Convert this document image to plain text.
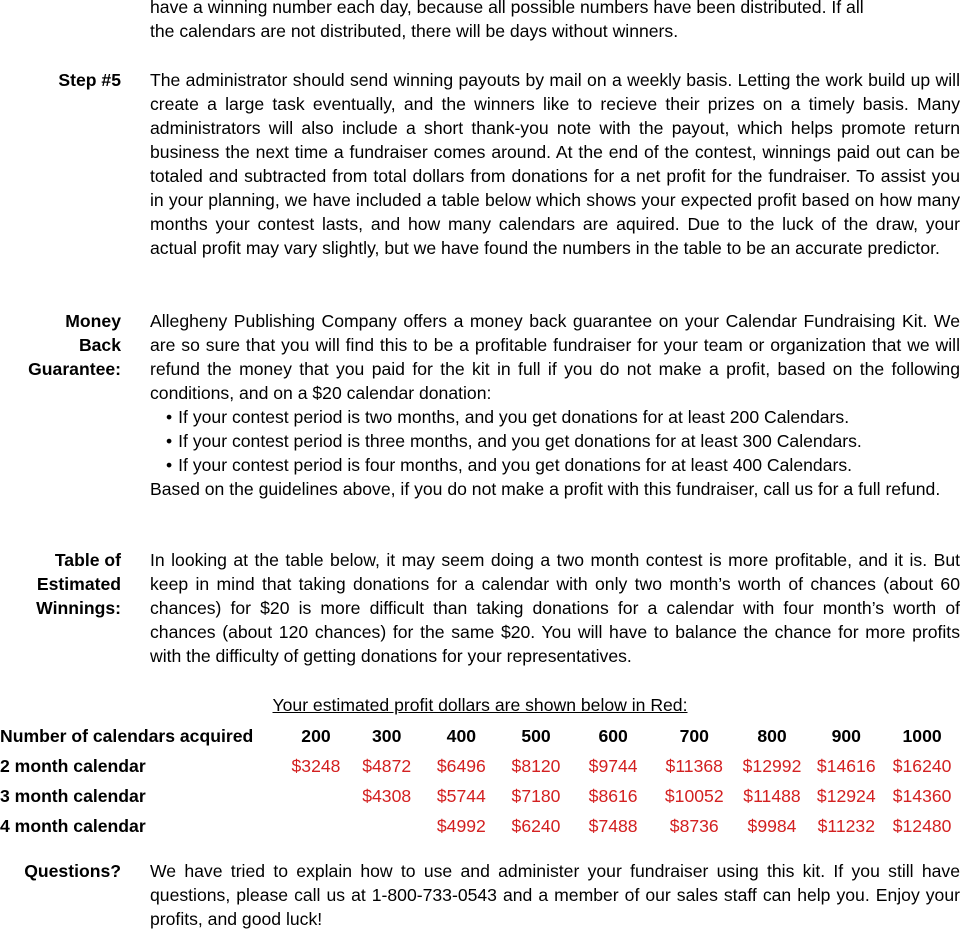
have a winning number each day, because all possible numbers have been distributed. If all
the calendars are not distributed, there will be days without winners.
Step #5 The administrator should send winning payouts by mail on a weekly basis. Letting the work build up will create a large task eventually, and the winners like to recieve their prizes on a timely basis. Many administrators will also include a short thank-you note with the payout, which helps promote return business the next time a fundraiser comes around. At the end of the contest, winnings paid out can be totaled and subtracted from total dollars from donations for a net profit for the fundraiser. To assist you in your planning, we have included a table below which shows your expected profit based on how many months your contest lasts, and how many calendars are aquired. Due to the luck of the draw, your actual profit may vary slightly, but we have found the numbers in the table to be an accurate predictor.

Money
Back
Guarantee:

Allegheny Publishing Company offers a money back guarantee on your Calendar Fundraising Kit. We are so sure that you will find this to be a profitable fundraiser for your team or organization that we will refund the money that you paid for the kit in full if you do not make a profit, based on the following conditions, and on a $20 calendar donation:

• If your contest period is two months, and you get donations for at least 200 Calendars.
• If your contest period is three months, and you get donations for at least 300 Calendars.
• If your contest period is four months, and you get donations for at least 400 Calendars.

Based on the guidelines above, if you do not make a profit with this fundraiser, call us for a full refund.

Table of
Estimated
Winnings:

In looking at the table below, it may seem doing a two month contest is more profitable, and it is. But keep in mind that taking donations for a calendar with only two month’s worth of chances (about 60 chances) for $20 is more difficult than taking donations for a calendar with four month’s worth of chances (about 120 chances) for the same $20. You will have to balance the chance for more profits with the difficulty of getting donations for your representatives.

Your estimated profit dollars are shown below in Red:
Number of calendars acquired	200	300	400	500	600	700	800	900	1000
2 month calendar	$3248	$4872	$6496	$8120	$9744	$11368	$12992	$14616	$16240
3 month calendar		$4308	$5744	$7180	$8616	$10052	$11488	$12924	$14360
4 month calendar			$4992	$6240	$7488	$8736	$9984	$11232	$12480
Questions? We have tried to explain how to use and administer your fundraiser using this kit. If you still have questions, please call us at 1-800-733-0543 and a member of our sales staff can help you. Enjoy your profits, and good luck!
